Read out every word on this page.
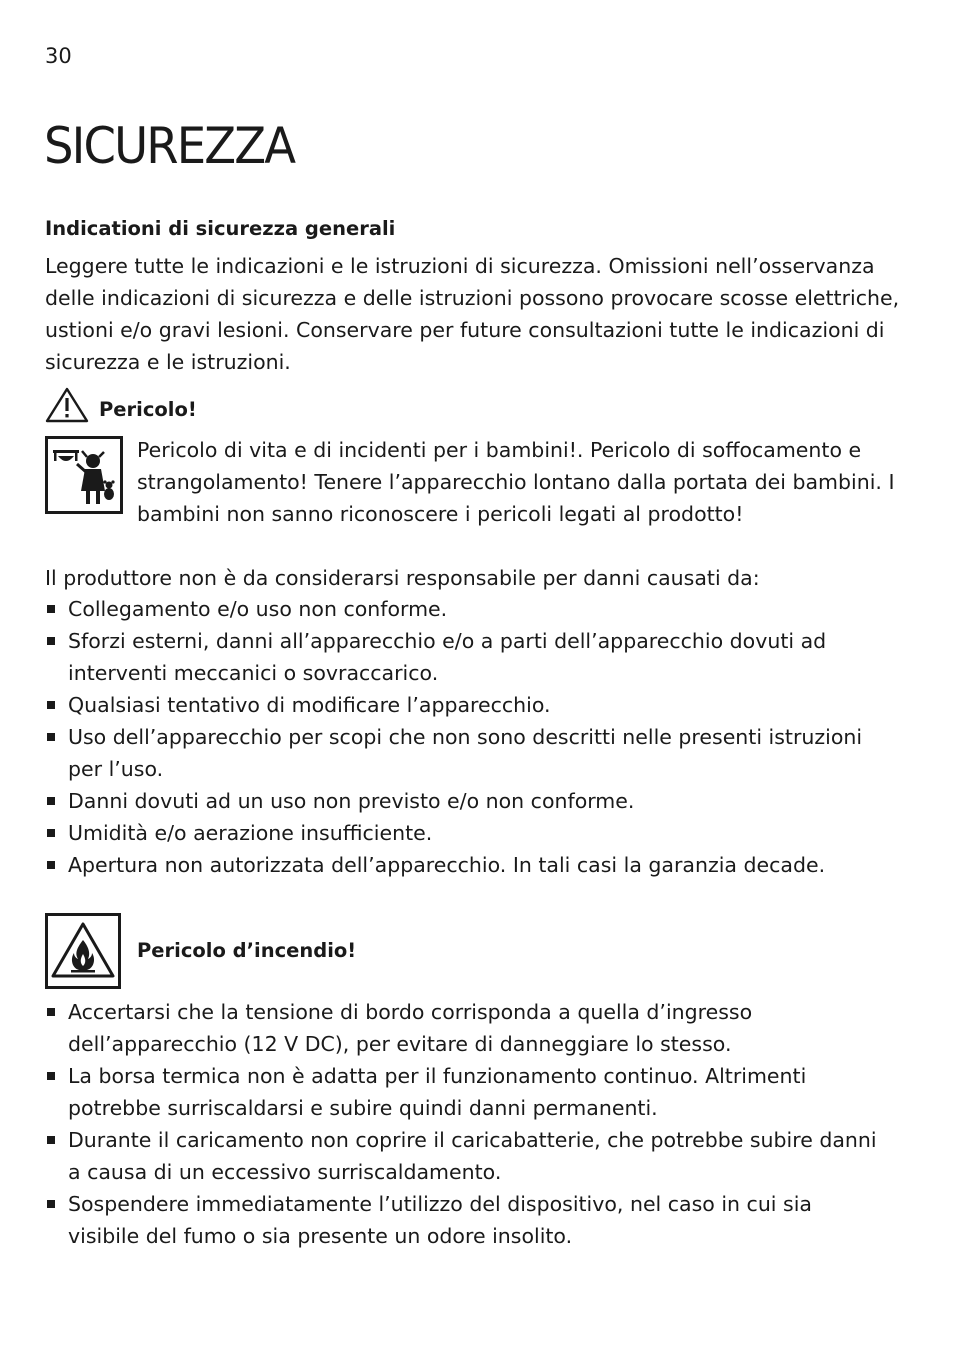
30
SICUREZZA
Indicationi di sicurezza generali

Leggere tutte le indicazioni e le istruzioni di sicurezza. Omissioni nell’osservanza delle indicazioni di sicurezza e delle istruzioni possono provocare scosse elettriche, ustioni e/o gravi lesioni. Conservare per future consultazioni tutte le indicazioni di sicurezza e le istruzioni.

Pericolo!

Pericolo di vita e di incidenti per i bambini!. Pericolo di soffocamento e strangolamento! Tenere l’apparecchio lontano dalla portata dei bambini. I bambini non sanno riconoscere i pericoli legati al prodotto!

Il produttore non è da considerarsi responsabile per danni causati da:

Collegamento e/o uso non conforme.
Sforzi esterni, danni all’apparecchio e/o a parti dell’apparecchio dovuti ad interventi meccanici o sovraccarico.
Qualsiasi tentativo di modificare l’apparecchio.
Uso dell’apparecchio per scopi che non sono descritti nelle presenti istruzioni per l’uso.
Danni dovuti ad un uso non previsto e/o non conforme.
Umidità e/o aerazione insufficiente.
Apertura non autorizzata dell’apparecchio. In tali casi la garanzia decade.
Pericolo d’incendio!
Accertarsi che la tensione di bordo corrisponda a quella d’ingresso dell’apparecchio (12 V DC), per evitare di danneggiare lo stesso.
La borsa termica non è adatta per il funzionamento continuo. Altrimenti potrebbe surriscaldarsi e subire quindi danni permanenti.
Durante il caricamento non coprire il caricabatterie, che potrebbe subire danni a causa di un eccessivo surriscaldamento.
Sospendere immediatamente l’utilizzo del dispositivo, nel caso in cui sia visibile del fumo o sia presente un odore insolito.
